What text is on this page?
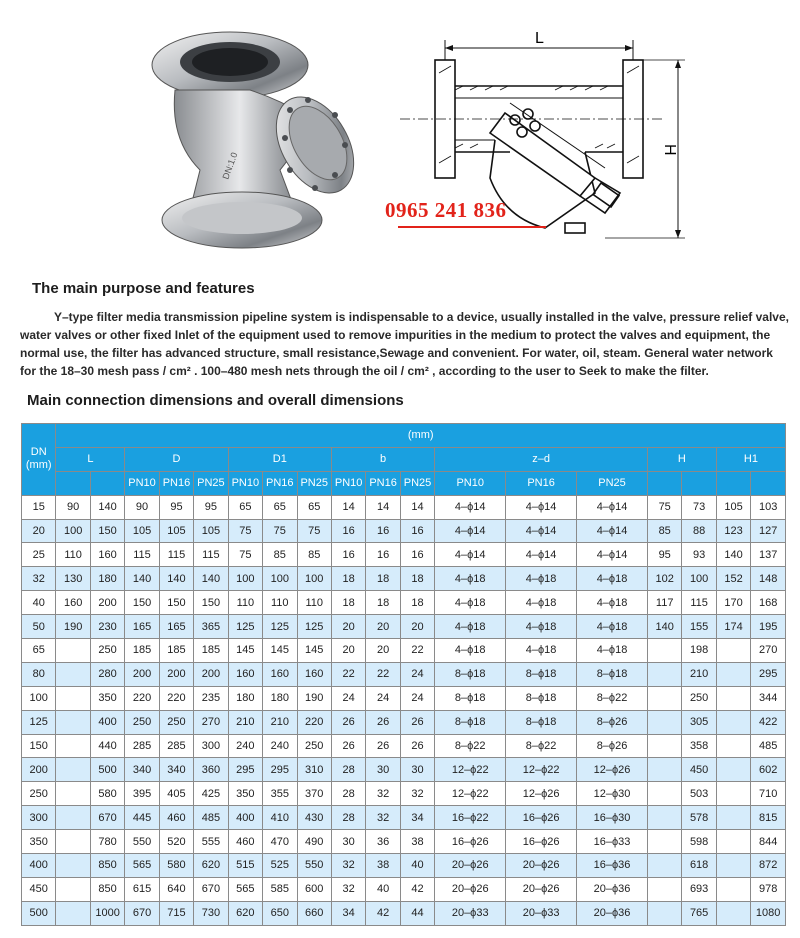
DN:1.0
L
H
0965 241 836
The main purpose and features

Y–type filter media transmission pipeline system is indispensable to a device, usually installed in the valve, pressure relief valve, water valves or other fixed Inlet of the equipment used to remove impurities in the medium to protect the valves and equipment, the normal use, the filter has advanced structure, small resistance,Sewage and convenient. For water, oil, steam. General water network for the 18–30 mesh pass / cm² . 100–480 mesh nets through the oil / cm² , according to the user to Seek to make the filter.

Main connection dimensions and overall dimensions
DN
(mm)	(mm)																	
	L		D			D1			b			z–d			H		H1	
			PN10	PN16	PN25	PN10	PN16	PN25	PN10	PN16	PN25	PN10	PN16	PN25				
15	90	140	90	95	95	65	65	65	14	14	14	4–ϕ14	4–ϕ14	4–ϕ14	75	73	105	103
20	100	150	105	105	105	75	75	75	16	16	16	4–ϕ14	4–ϕ14	4–ϕ14	85	88	123	127
25	110	160	115	115	115	75	85	85	16	16	16	4–ϕ14	4–ϕ14	4–ϕ14	95	93	140	137
32	130	180	140	140	140	100	100	100	18	18	18	4–ϕ18	4–ϕ18	4–ϕ18	102	100	152	148
40	160	200	150	150	150	110	110	110	18	18	18	4–ϕ18	4–ϕ18	4–ϕ18	117	115	170	168
50	190	230	165	165	365	125	125	125	20	20	20	4–ϕ18	4–ϕ18	4–ϕ18	140	155	174	195
65		250	185	185	185	145	145	145	20	20	22	4–ϕ18	4–ϕ18	4–ϕ18		198		270
80		280	200	200	200	160	160	160	22	22	24	8–ϕ18	8–ϕ18	8–ϕ18		210		295
100		350	220	220	235	180	180	190	24	24	24	8–ϕ18	8–ϕ18	8–ϕ22		250		344
125		400	250	250	270	210	210	220	26	26	26	8–ϕ18	8–ϕ18	8–ϕ26		305		422
150		440	285	285	300	240	240	250	26	26	26	8–ϕ22	8–ϕ22	8–ϕ26		358		485
200		500	340	340	360	295	295	310	28	30	30	12–ϕ22	12–ϕ22	12–ϕ26		450		602
250		580	395	405	425	350	355	370	28	32	32	12–ϕ22	12–ϕ26	12–ϕ30		503		710
300		670	445	460	485	400	410	430	28	32	34	16–ϕ22	16–ϕ26	16–ϕ30		578		815
350		780	550	520	555	460	470	490	30	36	38	16–ϕ26	16–ϕ26	16–ϕ33		598		844
400		850	565	580	620	515	525	550	32	38	40	20–ϕ26	20–ϕ26	16–ϕ36		618		872
450		850	615	640	670	565	585	600	32	40	42	20–ϕ26	20–ϕ26	20–ϕ36		693		978
500		1000	670	715	730	620	650	660	34	42	44	20–ϕ33	20–ϕ33	20–ϕ36		765		1080
